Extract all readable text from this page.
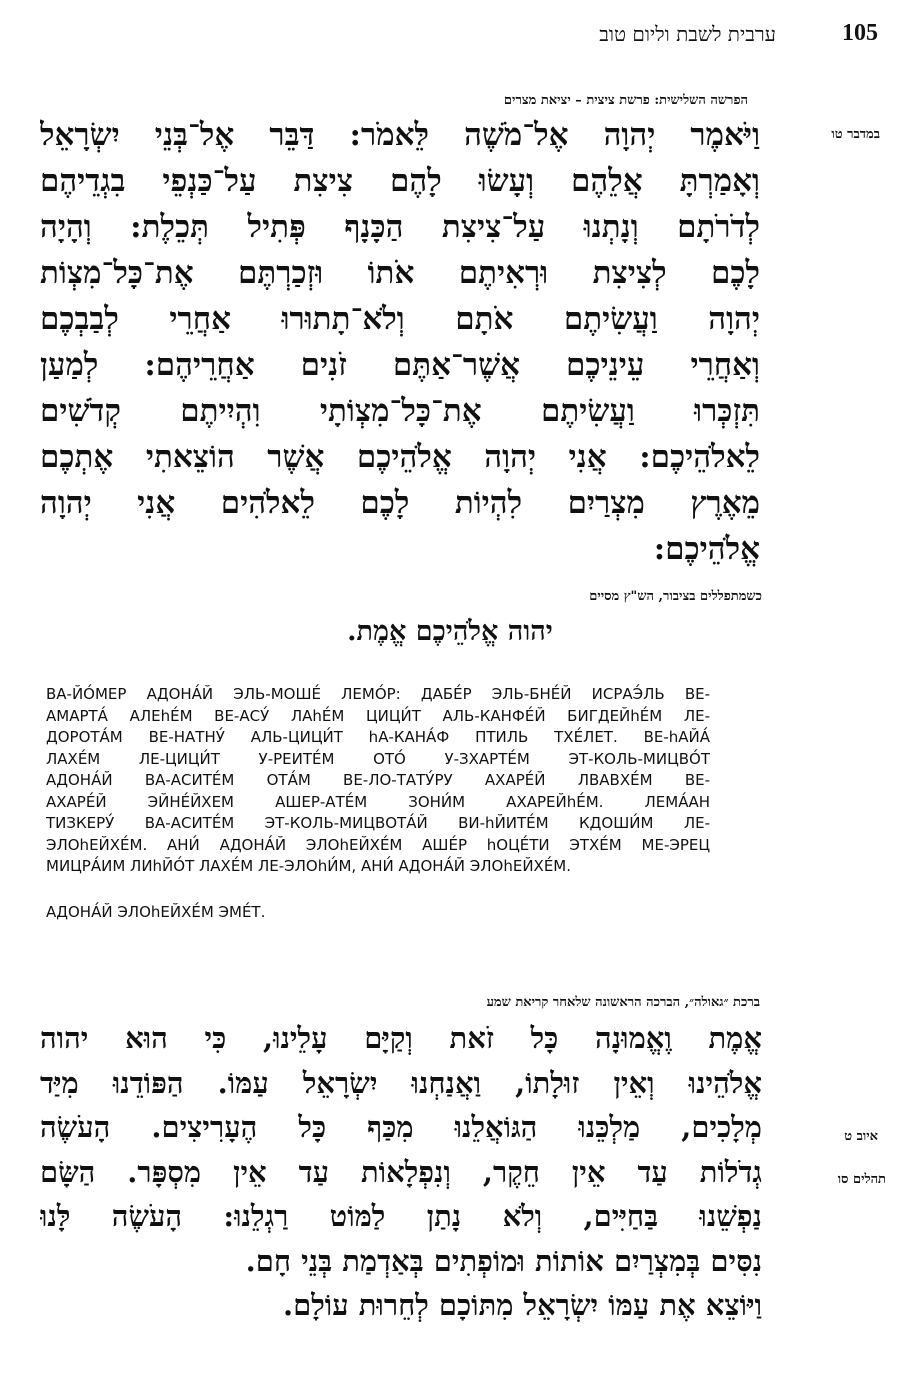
105
ערבית לשבת וליום טוב
הפרשה השלישית: פרשת ציצית – יציאת מצרים
במדבר טו
וַיֹּאמֶר יְהוָה אֶל־מֹשֶׁה לֵּאמֹר: דַּבֵּר אֶל־בְּנֵי יִשְׂרָאֵל
וְאָמַרְתָּ אֲלֵהֶם וְעָשׂוּ לָהֶם צִיצִת עַל־כַּנְפֵי בִגְדֵיהֶם
לְדֹרֹתָם וְנָתְנוּ עַל־צִיצִת הַכָּנָף פְּתִיל תְּכֵלֶת: וְהָיָה
לָכֶם לְצִיצִת וּרְאִיתֶם אֹתוֹ וּזְכַרְתֶּם אֶת־כָּל־מִצְוֹת
יְהוָה וַעֲשִׂיתֶם אֹתָם וְלֹא־תָתוּרוּ אַחֲרֵי לְבַבְכֶם
וְאַחֲרֵי עֵינֵיכֶם אֲשֶׁר־אַתֶּם זֹנִים אַחֲרֵיהֶם: לְמַעַן
תִּזְכְּרוּ וַעֲשִׂיתֶם אֶת־כָּל־מִצְוֹתָי וִהְיִיתֶם קְדֹשִׁים
לֵאלֹהֵיכֶם: אֲנִי יְהוָה אֱלֹהֵיכֶם אֲשֶׁר הוֹצֵאתִי אֶתְכֶם
מֵאֶרֶץ מִצְרַיִם לִהְיוֹת לָכֶם לֵאלֹהִים אֲנִי יְהוָה
אֱלֹהֵיכֶם:
כשמתפללים בציבור, הש"ץ מסיים
יהוה אֱלֹהֵיכֶם אֱמֶת.
ВА-ЙО́МЕР АДОНА́Й ЭЛЬ-МОШЕ́ ЛЕМО́Р: ДАБЕ́Р ЭЛЬ-БНЕ́Й ИСРАЭ́ЛЬ ВЕ-
АМАРТА́ АЛЕhЕ́М ВЕ-АСУ́ ЛАhЕ́М ЦИЦИ́Т АЛЬ-КАНФЕ́Й БИГДЕЙhЕ́М ЛЕ-
ДОРОТА́М ВЕ-НАТНУ́ АЛЬ-ЦИЦИ́Т hА-КАНА́Ф ПТИЛЬ ТХЕ́ЛЕТ. ВЕ-hАЙА́
ЛАХЕ́М ЛЕ-ЦИЦИ́Т У-РЕИТЕ́М ОТО́ У-ЗХАРТЕ́М ЭТ-КОЛЬ-МИЦВО́Т
АДОНА́Й ВА-АСИТЕ́М ОТА́М ВЕ-ЛО-ТАТУ́РУ АХАРЕ́Й ЛВАВХЕ́М ВЕ-
АХАРЕ́Й ЭЙНЕ́ЙХЕМ АШЕР-АТЕ́М ЗОНИ́М АХАРЕЙhЕ́М. ЛЕМА́АН
ТИЗКЕРУ́ ВА-АСИТЕ́М ЭТ-КОЛЬ-МИЦВОТА́Й ВИ-hЙИТЕ́М КДОШИ́М ЛЕ-
ЭЛОhЕЙХЕ́М. АНИ́ АДОНА́Й ЭЛОhЕЙХЕ́М АШЕ́Р hОЦЕ́ТИ ЭТХЕ́М МЕ-ЭРЕЦ
МИЦРА́ИМ ЛИhЙО́Т ЛАХЕ́М ЛЕ-ЭЛОhИ́М, АНИ́ АДОНА́Й ЭЛОhЕЙХЕ́М.
АДОНА́Й ЭЛОhЕЙХЕ́М ЭМЕ́Т.
ברכת ״גאולה״, הברכה הראשונה שלאחר קריאת שמע
איוב ט
תהלים סו
אֱמֶת וֶאֱמוּנָה כָּל זֹאת וְקַיָּם עָלֵינוּ, כִּי הוּא יהוה
אֱלֹהֵינוּ וְאֵין זוּלָתוֹ, וַאֲנַחְנוּ יִשְׂרָאֵל עַמּוֹ. הַפּוֹדֵנוּ מִיַּד
מְלָכִים, מַלְכֵּנוּ הַגּוֹאֲלֵנוּ מִכַּף כָּל הֶעָרִיצִים. הָעֹשֶׂה
גְדֹלוֹת עַד אֵין חֵקֶר, וְנִפְלָאוֹת עַד אֵין מִסְפָּר. הַשָּׂם
נַפְשֵׁנוּ בַּחַיִּים, וְלֹא נָתַן לַמּוֹט רַגְלֵנוּ: הָעֹשֶׂה לָּנוּ
נִסִּים בְּמִצְרַיִם אוֹתוֹת וּמוֹפְתִים בְּאַדְמַת בְּנֵי חָם.
וַיּוֹצֵא אֶת עַמּוֹ יִשְׂרָאֵל מִתּוֹכָם לְחֵרוּת עוֹלָם.
